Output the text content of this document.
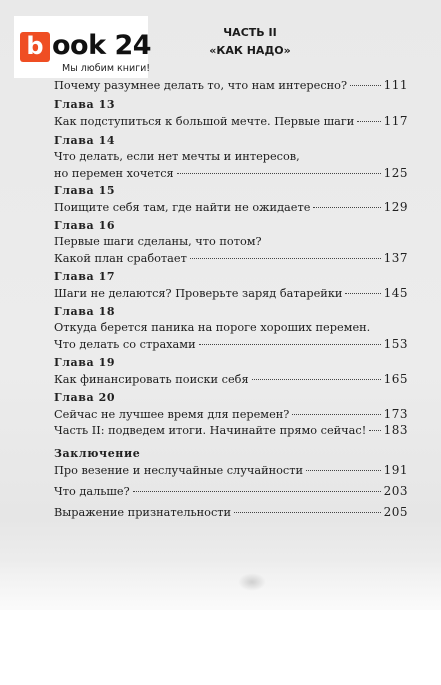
b ook 24
Мы любим книги!
ЧАСТЬ II
«КАК НАДО»
Почему разумнее делать то, что нам интересно?	111
Глава 13
Как подступиться к большой мечте. Первые шаги 117
Глава 14
Что делать, если нет мечты и интересов,
но перемен хочется	125
Глава 15
Поищите себя там, где найти не ожидаете	129
Глава 16
Первые шаги сделаны, что потом?
Какой план сработает	137
Глава 17
Шаги не делаются? Проверьте заряд батарейки	145
Глава 18
Откуда берется паника на пороге хороших перемен.
Что делать со страхами	153
Глава 19
Как финансировать поиски себя	165
Глава 20
Сейчас не лучшее время для перемен?	173
Часть II: подведем итоги. Начинайте прямо сейчас! 183
Заключение
Про везение и неслучайные случайности	191
Что дальше?	203
Выражение признательности	205
